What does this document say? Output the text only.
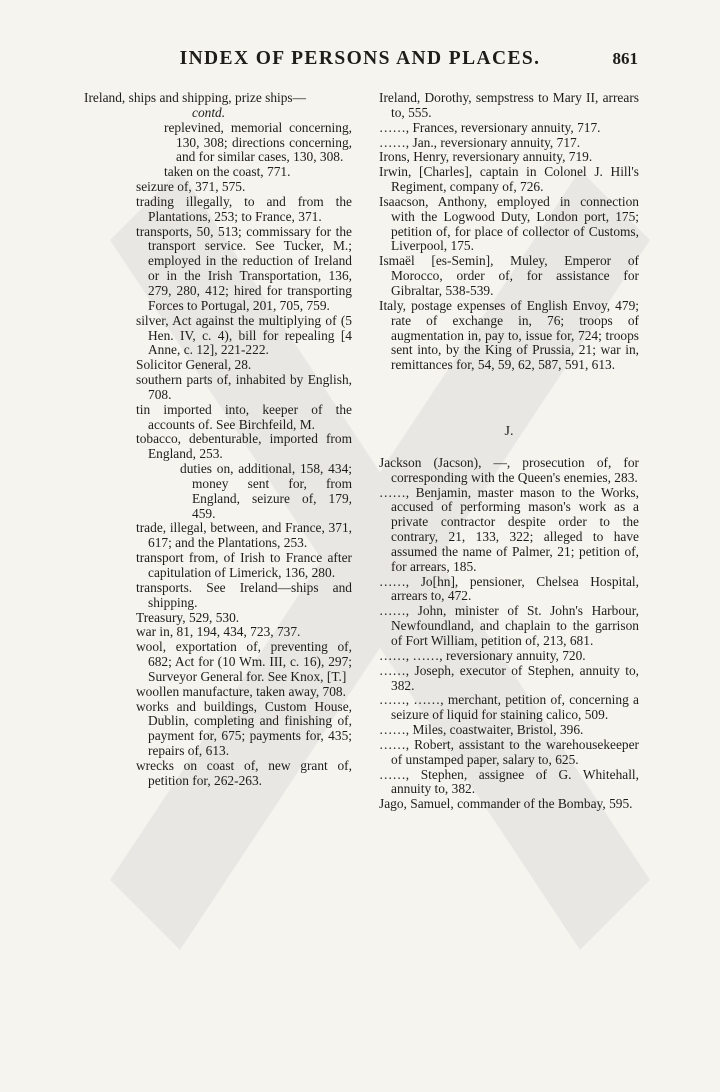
INDEX OF PERSONS AND PLACES.	861
Ireland, ships and shipping, prize ships—
contd.
replevined, memorial concerning, 130, 308; directions concerning, and for similar cases, 130, 308.
taken on the coast, 771.
seizure of, 371, 575.
trading illegally, to and from the Plantations, 253; to France, 371.
transports, 50, 513; commissary for the transport service. See Tucker, M.; employed in the reduction of Ireland or in the Irish Transportation, 136, 279, 280, 412; hired for transporting Forces to Portugal, 201, 705, 759.
silver, Act against the multiplying of (5 Hen. IV, c. 4), bill for repealing [4 Anne, c. 12], 221-222.
Solicitor General, 28.
southern parts of, inhabited by English, 708.
tin imported into, keeper of the accounts of. See Birchfeild, M.
tobacco, debenturable, imported from England, 253.
duties on, additional, 158, 434; money sent for, from England, seizure of, 179, 459.
trade, illegal, between, and France, 371, 617; and the Plantations, 253.
transport from, of Irish to France after capitulation of Limerick, 136, 280.
transports. See Ireland—ships and shipping.
Treasury, 529, 530.
war in, 81, 194, 434, 723, 737.
wool, exportation of, preventing of, 682; Act for (10 Wm. III, c. 16), 297; Surveyor General for. See Knox, [T.]
woollen manufacture, taken away, 708.
works and buildings, Custom House, Dublin, completing and finishing of, payment for, 675; payments for, 435; repairs of, 613.
wrecks on coast of, new grant of, petition for, 262-263.
Ireland, Dorothy, sempstress to Mary II, arrears to, 555.
……, Frances, reversionary annuity, 717.
……, Jan., reversionary annuity, 717.
Irons, Henry, reversionary annuity, 719.
Irwin, [Charles], captain in Colonel J. Hill's Regiment, company of, 726.
Isaacson, Anthony, employed in connection with the Logwood Duty, London port, 175; petition of, for place of collector of Customs, Liverpool, 175.
Ismaël [es-Semin], Muley, Emperor of Morocco, order of, for assistance for Gibraltar, 538-539.
Italy, postage expenses of English Envoy, 479; rate of exchange in, 76; troops of augmentation in, pay to, issue for, 724; troops sent into, by the King of Prussia, 21; war in, remittances for, 54, 59, 62, 587, 591, 613.
J.
Jackson (Jacson), —, prosecution of, for corresponding with the Queen's enemies, 283.
……, Benjamin, master mason to the Works, accused of performing mason's work as a private contractor despite order to the contrary, 21, 133, 322; alleged to have assumed the name of Palmer, 21; petition of, for arrears, 185.
……, Jo[hn], pensioner, Chelsea Hospital, arrears to, 472.
……, John, minister of St. John's Harbour, Newfoundland, and chaplain to the garrison of Fort William, petition of, 213, 681.
……, ……, reversionary annuity, 720.
……, Joseph, executor of Stephen, annuity to, 382.
……, ……, merchant, petition of, concerning a seizure of liquid for staining calico, 509.
……, Miles, coastwaiter, Bristol, 396.
……, Robert, assistant to the warehousekeeper of unstamped paper, salary to, 625.
……, Stephen, assignee of G. Whitehall, annuity to, 382.
Jago, Samuel, commander of the Bombay, 595.
